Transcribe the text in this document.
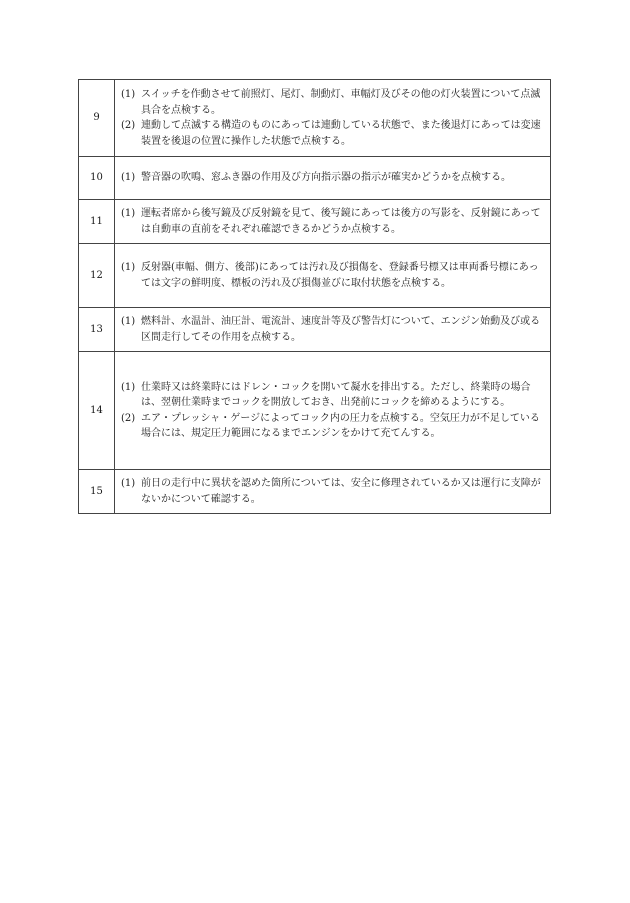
9	(1) スイッチを作動させて前照灯、尾灯、制動灯、車幅灯及びその他の灯火装置について点滅具合を点検する。
(2) 連動して点滅する構造のものにあっては連動している状態で、また後退灯にあっては変速装置を後退の位置に操作した状態で点検する。

10	(1) 警音器の吹鳴、窓ふき器の作用及び方向指示器の指示が確実かどうかを点検する。

11	(1) 運転者席から後写鏡及び反射鏡を見て、後写鏡にあっては後方の写影を、反射鏡にあっては自動車の直前をそれぞれ確認できるかどうか点検する。

12	(1) 反射器(車幅、側方、後部)にあっては汚れ及び損傷を、登録番号標又は車両番号標にあっては文字の鮮明度、標板の汚れ及び損傷並びに取付状態を点検する。

13	(1) 燃料計、水温計、油圧計、電流計、速度計等及び警告灯について、エンジン始動及び或る区間走行してその作用を点検する。

14	(1) 仕業時又は終業時にはドレン・コックを開いて凝水を排出する。ただし、終業時の場合は、翌朝仕業時までコックを開放しておき、出発前にコックを締めるようにする。
(2) エア・プレッシャ・ゲージによってコック内の圧力を点検する。空気圧力が不足している場合には、規定圧力範囲になるまでエンジンをかけて充てんする。

15	(1) 前日の走行中に異状を認めた箇所については、安全に修理されているか又は運行に支障がないかについて確認する。
